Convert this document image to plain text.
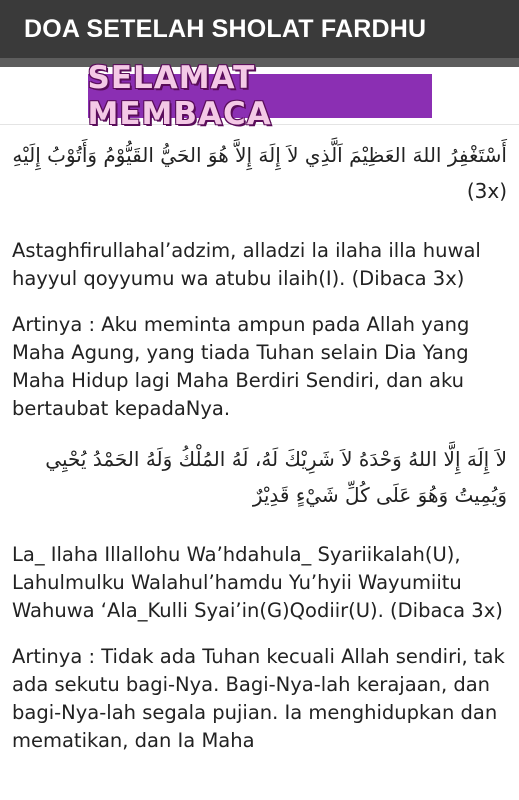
DOA SETELAH SHOLAT FARDHU
SELAMAT MEMBACA

أَسْتَغْفِرُ اللهَ العَظِيْمَ اَلَّذِي لاَ إِلَهَ إِلاَّ هُوَ الحَيُّ القَيُّوْمُ وَأَتُوْبُ إِلَيْهِ (3x)

Astaghfirullahal’adzim, alladzi la ilaha illa huwal hayyul qoyyumu wa atubu ilaih(I). (Dibaca 3x)

Artinya : Aku meminta ampun pada Allah yang Maha Agung, yang tiada Tuhan selain Dia Yang Maha Hidup lagi Maha Berdiri Sendiri, dan aku bertaubat kepadaNya.

لاَ إِلَهَ إِلَّا اللهُ وَحْدَهُ لاَ شَرِيْكَ لَهُ، لَهُ المُلْكُ وَلَهُ الحَمْدُ يُحْيِي وَيُمِيتُ وَهُوَ عَلَى كُلِّ شَيْءٍ قَدِيْرٌ

La_ Ilaha Illallohu Wa’hdahula_ Syariikalah(U), Lahulmulku Walahul’hamdu Yu’hyii Wayumiitu Wahuwa ‘Ala_Kulli Syai’in(G)Qodiir(U). (Dibaca 3x)

Artinya : Tidak ada Tuhan kecuali Allah sendiri, tak ada sekutu bagi-Nya. Bagi-Nya-lah kerajaan, dan bagi-Nya-lah segala pujian. Ia menghidupkan dan mematikan, dan Ia Maha
